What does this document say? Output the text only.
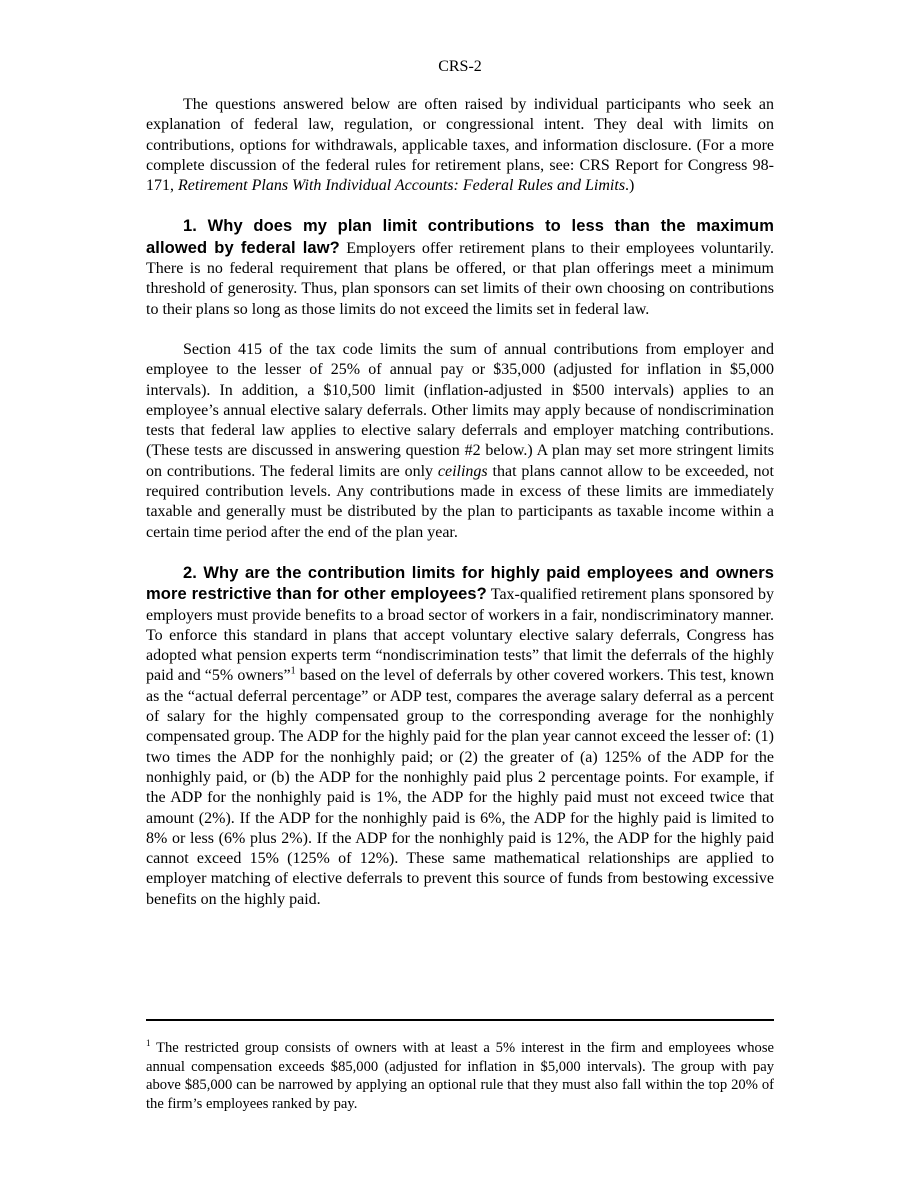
CRS-2

The questions answered below are often raised by individual participants who seek an explanation of federal law, regulation, or congressional intent. They deal with limits on contributions, options for withdrawals, applicable taxes, and information disclosure. (For a more complete discussion of the federal rules for retirement plans, see: CRS Report for Congress 98-171, Retirement Plans With Individual Accounts: Federal Rules and Limits.)

1. Why does my plan limit contributions to less than the maximum allowed by federal law? Employers offer retirement plans to their employees voluntarily. There is no federal requirement that plans be offered, or that plan offerings meet a minimum threshold of generosity. Thus, plan sponsors can set limits of their own choosing on contributions to their plans so long as those limits do not exceed the limits set in federal law.

Section 415 of the tax code limits the sum of annual contributions from employer and employee to the lesser of 25% of annual pay or $35,000 (adjusted for inflation in $5,000 intervals). In addition, a $10,500 limit (inflation-adjusted in $500 intervals) applies to an employee’s annual elective salary deferrals. Other limits may apply because of nondiscrimination tests that federal law applies to elective salary deferrals and employer matching contributions. (These tests are discussed in answering question #2 below.) A plan may set more stringent limits on contributions. The federal limits are only ceilings that plans cannot allow to be exceeded, not required contribution levels. Any contributions made in excess of these limits are immediately taxable and generally must be distributed by the plan to participants as taxable income within a certain time period after the end of the plan year.

2. Why are the contribution limits for highly paid employees and owners more restrictive than for other employees? Tax-qualified retirement plans sponsored by employers must provide benefits to a broad sector of workers in a fair, nondiscriminatory manner. To enforce this standard in plans that accept voluntary elective salary deferrals, Congress has adopted what pension experts term “nondiscrimination tests” that limit the deferrals of the highly paid and “5% owners”$^1$ based on the level of deferrals by other covered workers. This test, known as the “actual deferral percentage” or ADP test, compares the average salary deferral as a percent of salary for the highly compensated group to the corresponding average for the nonhighly compensated group. The ADP for the highly paid for the plan year cannot exceed the lesser of: (1) two times the ADP for the nonhighly paid; or (2) the greater of (a) 125% of the ADP for the nonhighly paid, or (b) the ADP for the nonhighly paid plus 2 percentage points. For example, if the ADP for the nonhighly paid is 1%, the ADP for the highly paid must not exceed twice that amount (2%). If the ADP for the nonhighly paid is 6%, the ADP for the highly paid is limited to 8% or less (6% plus 2%). If the ADP for the nonhighly paid is 12%, the ADP for the highly paid cannot exceed 15% (125% of 12%). These same mathematical relationships are applied to employer matching of elective deferrals to prevent this source of funds from bestowing excessive benefits on the highly paid.

$^1$ The restricted group consists of owners with at least a 5% interest in the firm and employees whose annual compensation exceeds $85,000 (adjusted for inflation in $5,000 intervals). The group with pay above $85,000 can be narrowed by applying an optional rule that they must also fall within the top 20% of the firm’s employees ranked by pay.
